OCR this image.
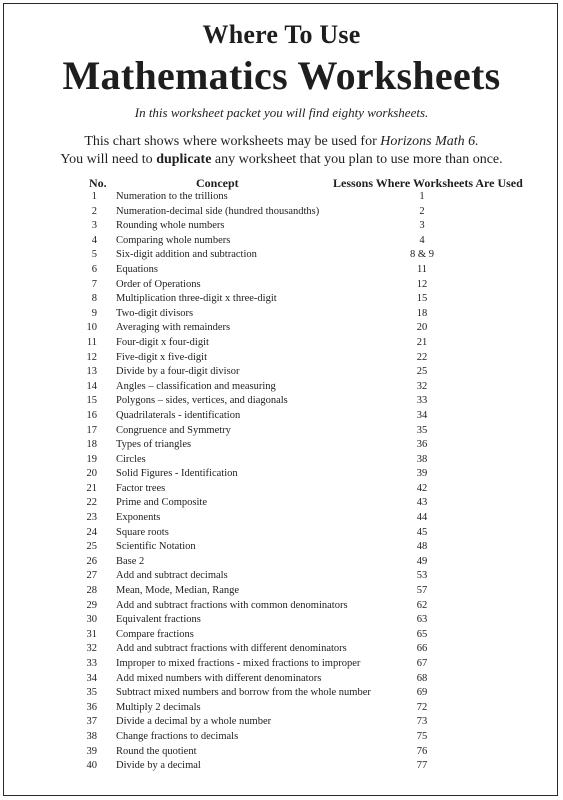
Where To Use
Mathematics Worksheets
In this worksheet packet you will find eighty worksheets.
This chart shows where worksheets may be used for Horizons Math 6.
You will need to duplicate any worksheet that you plan to use more than once.
No.	Concept	Lessons Where Worksheets Are Used
1 Numeration to the trillions	1
2 Numeration-decimal side (hundred thousandths)	2
3 Rounding whole numbers	3
4 Comparing whole numbers	4
5 Six-digit addition and subtraction	8 & 9
6 Equations	11
7 Order of Operations	12
8 Multiplication three-digit x three-digit	15
9 Two-digit divisors	18
10 Averaging with remainders	20
11 Four-digit x four-digit	21
12 Five-digit x five-digit	22
13 Divide by a four-digit divisor	25
14 Angles – classification and measuring	32
15 Polygons – sides, vertices, and diagonals	33
16 Quadrilaterals - identification	34
17 Congruence and Symmetry	35
18 Types of triangles	36
19 Circles	38
20 Solid Figures - Identification	39
21 Factor trees	42
22 Prime and Composite	43
23 Exponents	44
24 Square roots	45
25 Scientific Notation	48
26 Base 2	49
27 Add and subtract decimals	53
28 Mean, Mode, Median, Range	57
29 Add and subtract fractions with common denominators	62
30 Equivalent fractions	63
31 Compare fractions	65
32 Add and subtract fractions with different denominators	66
33 Improper to mixed fractions - mixed fractions to improper	67
34 Add mixed numbers with different denominators	68
35 Subtract mixed numbers and borrow from the whole number	69
36 Multiply 2 decimals	72
37 Divide a decimal by a whole number	73
38 Change fractions to decimals	75
39 Round the quotient	76
40 Divide by a decimal	77
